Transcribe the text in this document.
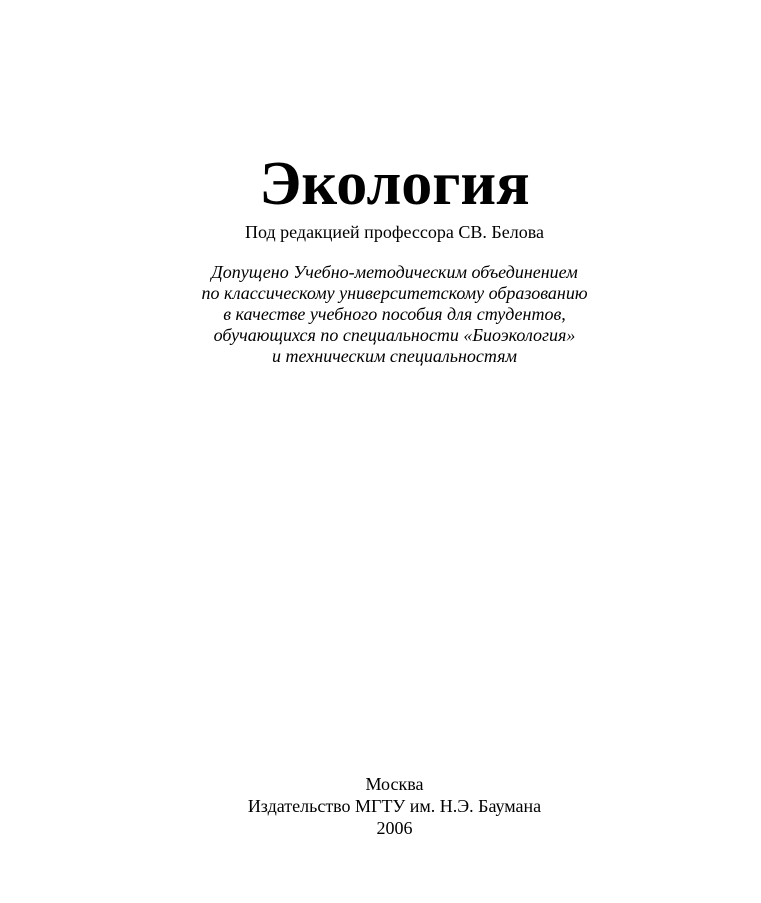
Экология
Под редакцией профессора СВ. Белова
Допущено Учебно-методическим объединением
по классическому университетскому образованию
в качестве учебного пособия для студентов,
обучающихся по специальности «Биоэкология»
и техническим специальностям
Москва
Издательство МГТУ им. Н.Э. Баумана
2006
